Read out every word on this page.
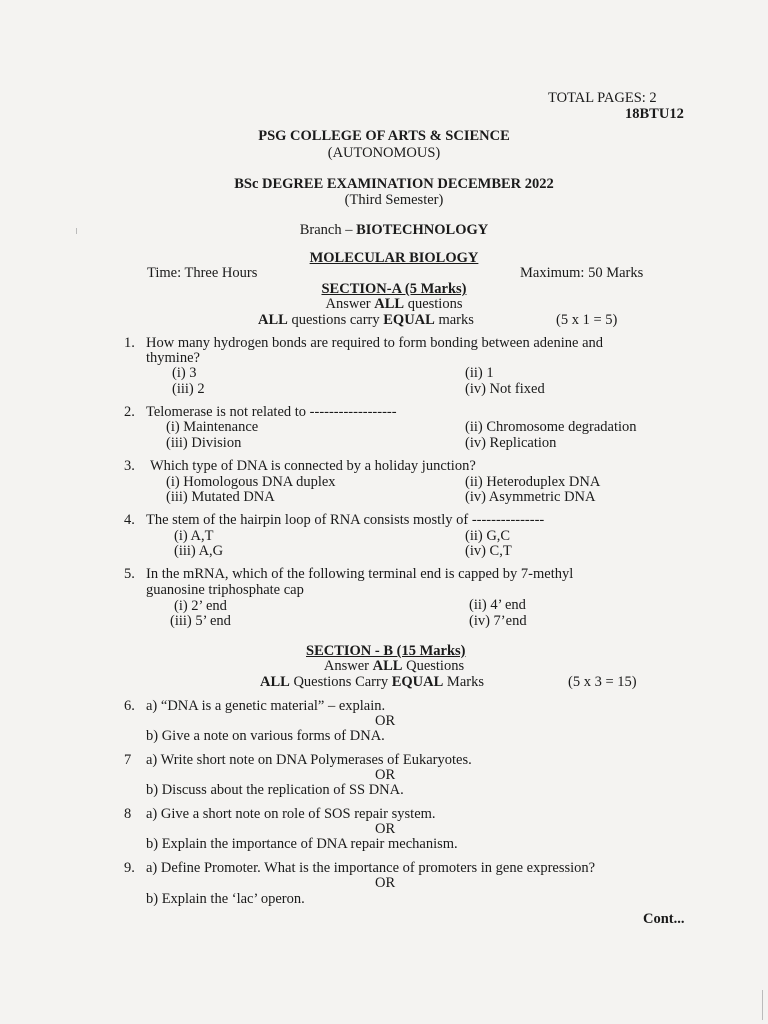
TOTAL PAGES: 2
18BTU12
PSG COLLEGE OF ARTS & SCIENCE
(AUTONOMOUS)
BSc DEGREE EXAMINATION DECEMBER 2022
(Third Semester)
Branch – BIOTECHNOLOGY
MOLECULAR BIOLOGY
Time: Three Hours	Maximum: 50 Marks
SECTION-A (5 Marks)
Answer ALL questions
ALL questions carry EQUAL marks	(5 x 1 = 5)
1. How many hydrogen bonds are required to form bonding between adenine and
thymine?
(i) 3	(ii) 1
(iii) 2	(iv) Not fixed
2. Telomerase is not related to ------------------
(i) Maintenance	(ii) Chromosome degradation
(iii) Division	(iv) Replication
3. Which type of DNA is connected by a holiday junction?
(i) Homologous DNA duplex	(ii) Heteroduplex DNA
(iii) Mutated DNA	(iv) Asymmetric DNA
4. The stem of the hairpin loop of RNA consists mostly of ---------------
(i) A,T	(ii) G,C
(iii) A,G	(iv) C,T
5. In the mRNA, which of the following terminal end is capped by 7-methyl
guanosine triphosphate cap
(i) 2’ end	(ii) 4’ end
(iii) 5’ end	(iv) 7’end
SECTION - B (15 Marks)
Answer ALL Questions
ALL Questions Carry EQUAL Marks	(5 x 3 = 15)
6. a) “DNA is a genetic material” – explain.
OR
b) Give a note on various forms of DNA.
7 a) Write short note on DNA Polymerases of Eukaryotes.
OR
b) Discuss about the replication of SS DNA.
8 a) Give a short note on role of SOS repair system.
OR
b) Explain the importance of DNA repair mechanism.
9. a) Define Promoter. What is the importance of promoters in gene expression?
OR
b) Explain the ‘lac’ operon.
Cont...
